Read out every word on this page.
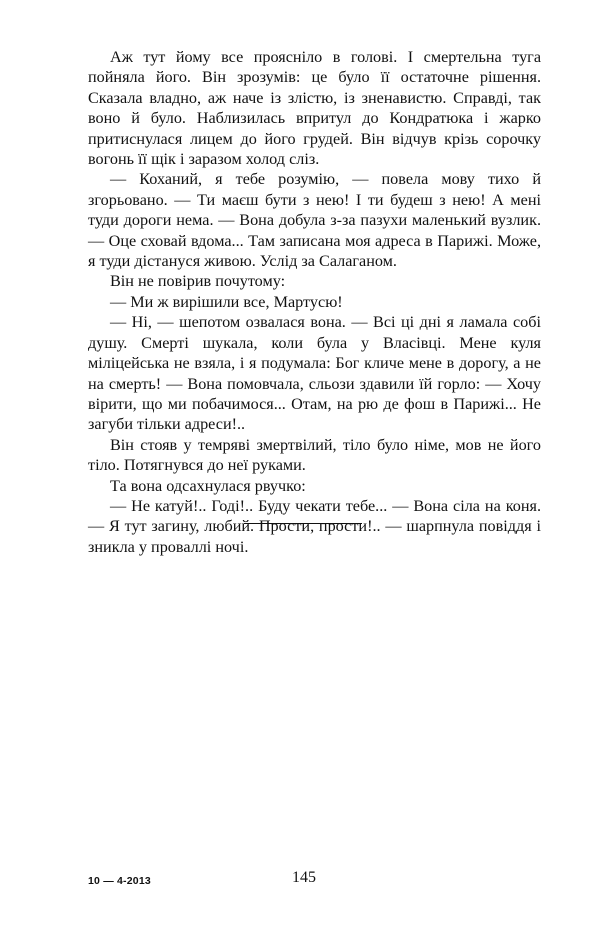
Аж тут йому все прояснiло в головi. I смертельна туга пойняла його. Вiн зрозумiв: це було її остаточне рiшення. Сказала владно, аж наче iз злiстю, iз зненавистю. Справдi, так воно й було. Наблизилась впритул до Кондратюка i жарко притиснулася лицем до його грудей. Вiн вiдчув крiзь сорочку вогонь її щiк i заразом холод слiз.

— Коханий, я тебе розумiю, — повела мову тихо й згорьовано. — Ти маєш бути з нею! I ти будеш з нею! А менi туди дороги нема. — Вона добула з-за пазухи маленький вузлик. — Оце сховай вдома... Там записана моя адреса в Парижi. Може, я туди дiстануся живою. Услiд за Салаганом.

Вiн не повiрив почутому:

— Ми ж вирiшили все, Мартусю!

— Нi, — шепотом озвалася вона. — Всi цi днi я ламала собi душу. Смертi шукала, коли була у Власiвцi. Мене куля мiлiцейська не взяла, i я подумала: Бог кличе мене в дорогу, а не на смерть! — Вона помовчала, сльози здавили їй горло: — Хочу вiрити, що ми побачимося... Отам, на рю де фош в Парижi... Не загуби тiльки адреси!..

Вiн стояв у темрявi змертвiлий, тiло було нiме, мов не його тiло. Потягнувся до неї руками.

Та вона одсахнулася рвучко:

— Не катуй!.. Годi!.. Буду чекати тебе... — Вона сiла на коня. — Я тут загину, любий. Прости, прости!.. — шарпнула повiддя i зникла у проваллi ночi.

10 — 4-2013	145
